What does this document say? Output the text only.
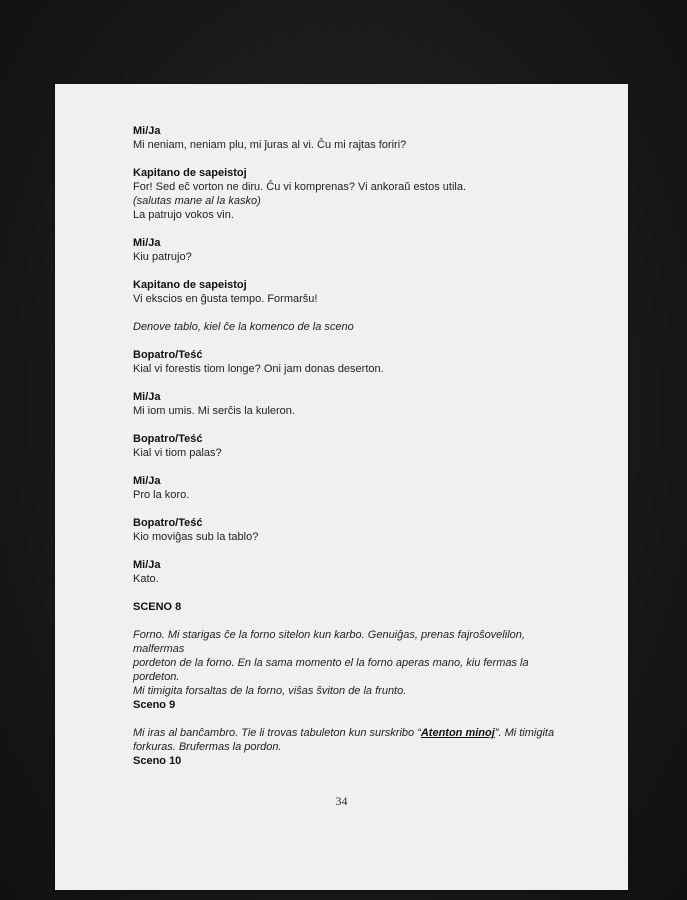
Mi/Ja
Mi neniam, neniam plu, mi ĵuras al vi. Ĉu mi rajtas foriri?
Kapitano de sapeistoj
For! Sed eĉ vorton ne diru. Ĉu vi komprenas? Vi ankoraŭ estos utila.
(salutas mane al la kasko)
La patrujo vokos vin.
Mi/Ja
Kiu patrujo?
Kapitano de sapeistoj
Vi ekscios en ĝusta tempo. Formarŝu!
Denove tablo, kiel ĉe la komenco de la sceno
Bopatro/Teść
Kial vi forestis tiom longe? Oni jam donas deserton.
Mi/Ja
Mi iom umis. Mi serĉis la kuleron.
Bopatro/Teść
Kial vi tiom palas?
Mi/Ja
Pro la koro.
Bopatro/Teść
Kio moviĝas sub la tablo?
Mi/Ja
Kato.
SCENO 8
Forno. Mi starigas ĉe la forno sitelon kun karbo. Genuiĝas, prenas fajroŝovelilon, malfermas
pordeton de la forno. En la sama momento el la forno aperas mano, kiu fermas la pordeton.
Mi timigita forsaltas de la forno, viŝas ŝviton de la frunto.
Sceno 9
Mi iras al banĉambro. Tie li trovas tabuleton kun surskribo “Atenton minoj”. Mi timigita
forkuras. Brufermas la pordon.
Sceno 10
34
